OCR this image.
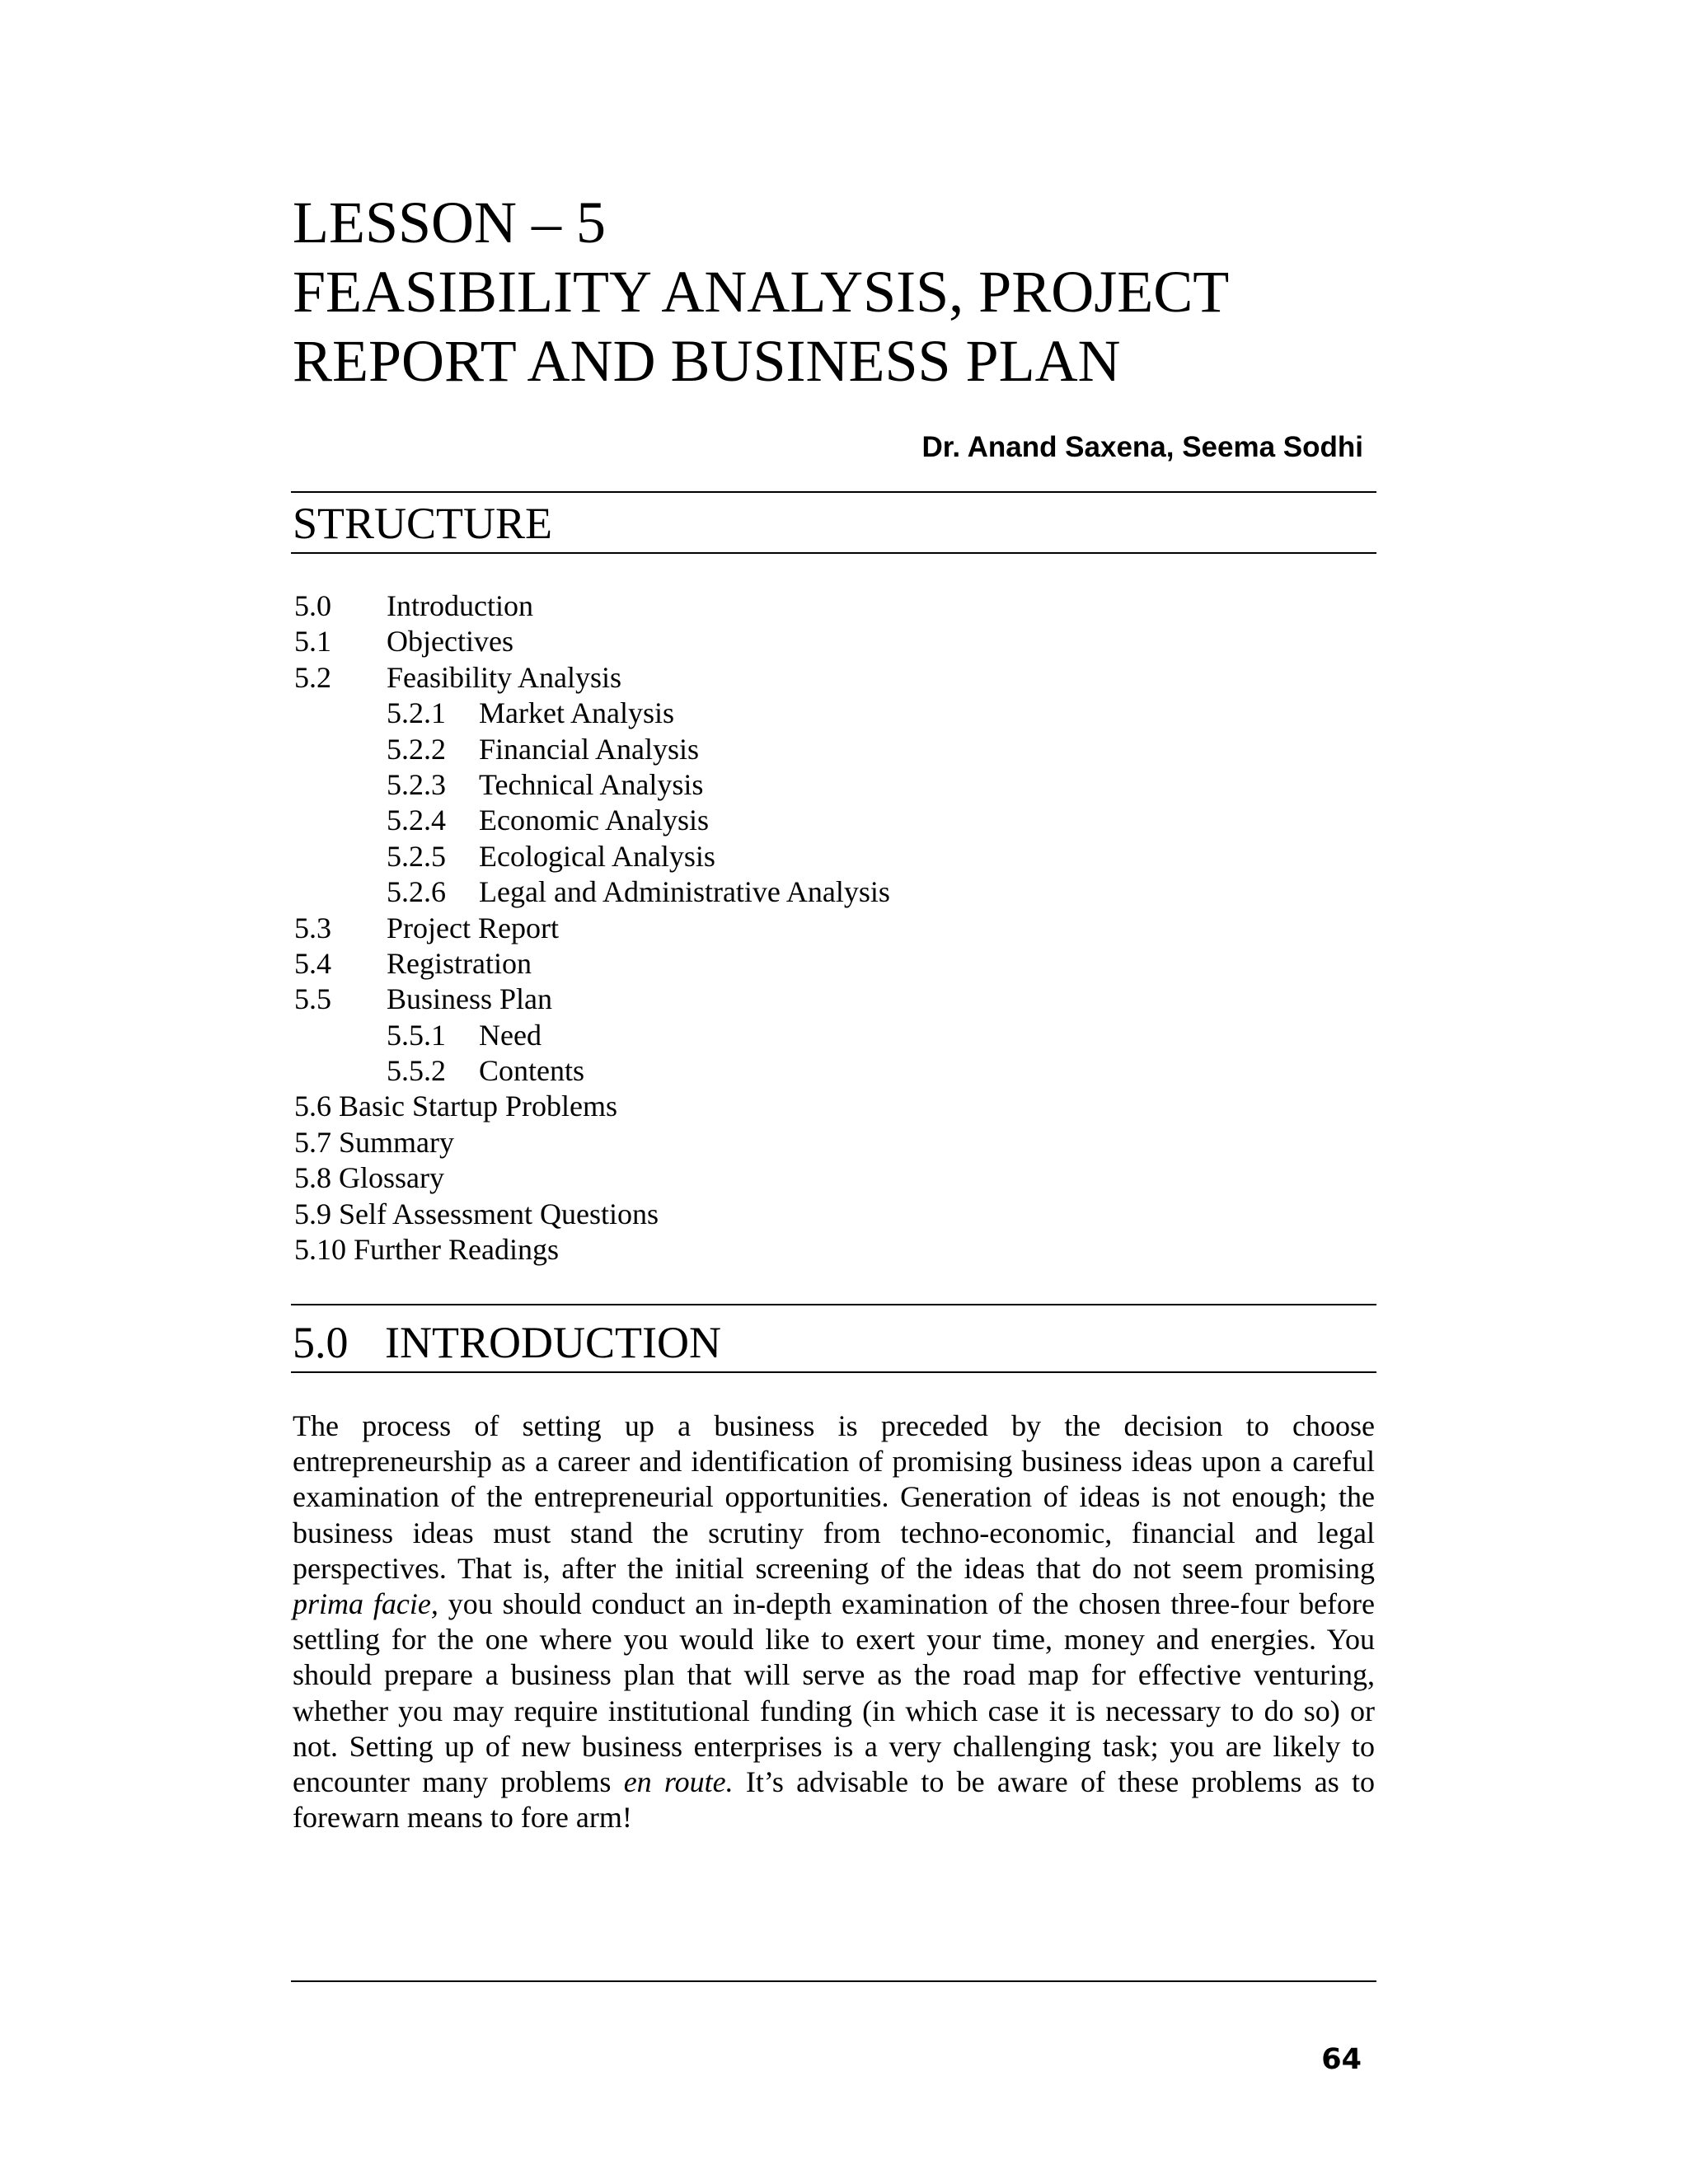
LESSON – 5
FEASIBILITY ANALYSIS, PROJECT
REPORT AND BUSINESS PLAN
Dr. Anand Saxena, Seema Sodhi
STRUCTURE
5.0 Introduction
5.1 Objectives
5.2 Feasibility Analysis
5.2.1 Market Analysis
5.2.2 Financial Analysis
5.2.3 Technical Analysis
5.2.4 Economic Analysis
5.2.5 Ecological Analysis
5.2.6 Legal and Administrative Analysis
5.3 Project Report
5.4 Registration
5.5 Business Plan
5.5.1 Need
5.5.2 Contents
5.6 Basic Startup Problems
5.7 Summary
5.8 Glossary
5.9 Self Assessment Questions
5.10 Further Readings
5.0 INTRODUCTION

The process of setting up a business is preceded by the decision to choose entrepreneurship as a career and identification of promising business ideas upon a careful examination of the entrepreneurial opportunities. Generation of ideas is not enough; the business ideas must stand the scrutiny from techno-economic, financial and legal perspectives. That is, after the initial screening of the ideas that do not seem promising prima facie, you should conduct an in-depth examination of the chosen three-four before settling for the one where you would like to exert your time, money and energies. You should prepare a business plan that will serve as the road map for effective venturing, whether you may require institutional funding (in which case it is necessary to do so) or not. Setting up of new business enterprises is a very challenging task; you are likely to encounter many problems en route. It’s advisable to be aware of these problems as to forewarn means to fore arm!

64
